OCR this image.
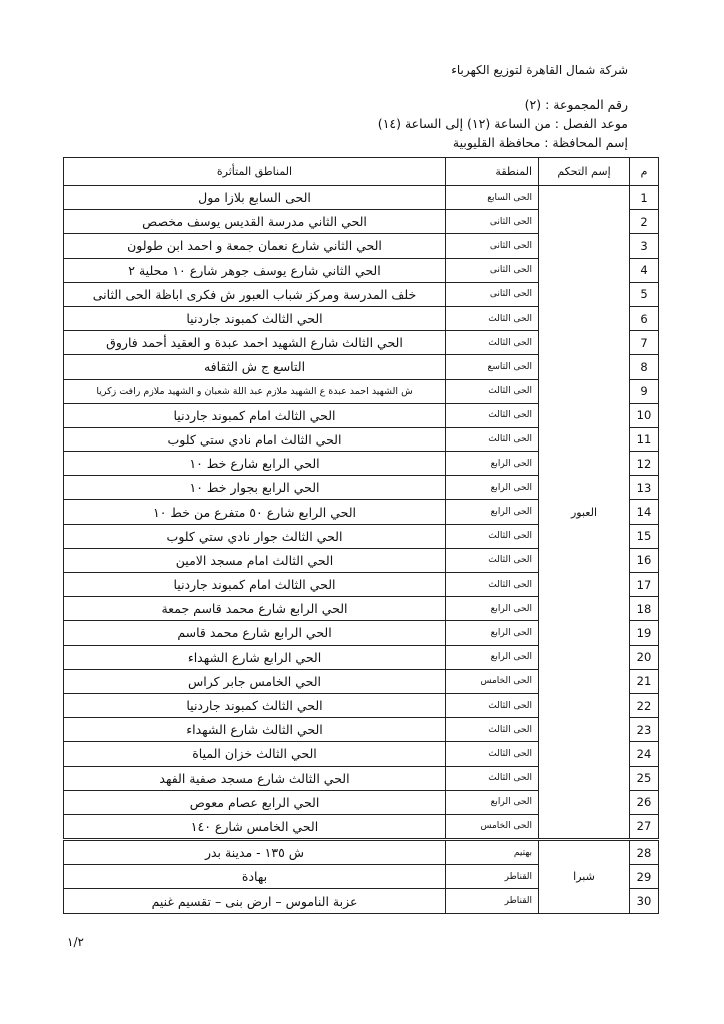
شركة شمال القاهرة لتوزيع الكهرباء
رقم المجموعة : (٢)
موعد الفصل : من الساعة (١٢) إلى الساعة (١٤)
إسم المحافظة : محافظة القليوبية
م	إسم التحكم	المنطقة	المناطق المتأثرة
1	العبور	الحى السابع	الحى السابع بلازا مول
2		الحى الثانى	الحي الثاني مدرسة القديس يوسف مخصص
3		الحى الثانى	الحي الثاني شارع نعمان جمعة و احمد ابن طولون
4		الحى الثانى	الحي الثاني شارع يوسف جوهر شارع ١٠ محلية ٢
5		الحى الثانى	خلف المدرسة ومركز شباب العبور ش فكرى اباظة الحى الثانى
6		الحى الثالث	الحي الثالث كمبوند جاردنيا
7		الحى الثالث	الحي الثالث شارع الشهيد احمد عبدة و العقيد أحمد فاروق
8		الحى التاسع	التاسع ج ش الثقافه
9		الحى الثالث	ش الشهيد احمد عبدة ع الشهيد ملازم عبد اللة شعبان و الشهيد ملازم رافت زكريا
10		الحى الثالث	الحي الثالث امام كمبوند جاردنيا
11		الحى الثالث	الحي الثالث امام نادي ستي كلوب
12		الحى الرابع	الحي الرابع شارع خط ١٠
13		الحى الرابع	الحي الرابع بجوار خط ١٠
14		الحى الرابع	الحي الرابع شارع ٥٠ متفرع من خط ١٠
15		الحى الثالث	الحي الثالث جوار نادي ستي كلوب
16		الحى الثالث	الحي الثالث امام مسجد الامين
17		الحى الثالث	الحي الثالث امام كمبوند جاردنيا
18		الحى الرابع	الحي الرابع شارع محمد قاسم جمعة
19		الحى الرابع	الحي الرابع شارع محمد قاسم
20		الحى الرابع	الحي الرابع شارع الشهداء
21		الحى الخامس	الحي الخامس جابر كراس
22		الحى الثالث	الحي الثالث كمبوند جاردنيا
23		الحى الثالث	الحي الثالث شارع الشهداء
24		الحى الثالث	الحي الثالث خزان المياة
25		الحى الثالث	الحي الثالث شارع مسجد صفية الفهد
26		الحى الرابع	الحي الرابع عصام معوص
27		الحى الخامس	الحي الخامس شارع ١٤٠
28	شبرا	بهتيم	ش ١٣٥ - مدينة بدر
29		القناطر	بهادة
30		القناطر	عزبة الناموس – ارض بنى – تقسيم غنيم
١/٢
